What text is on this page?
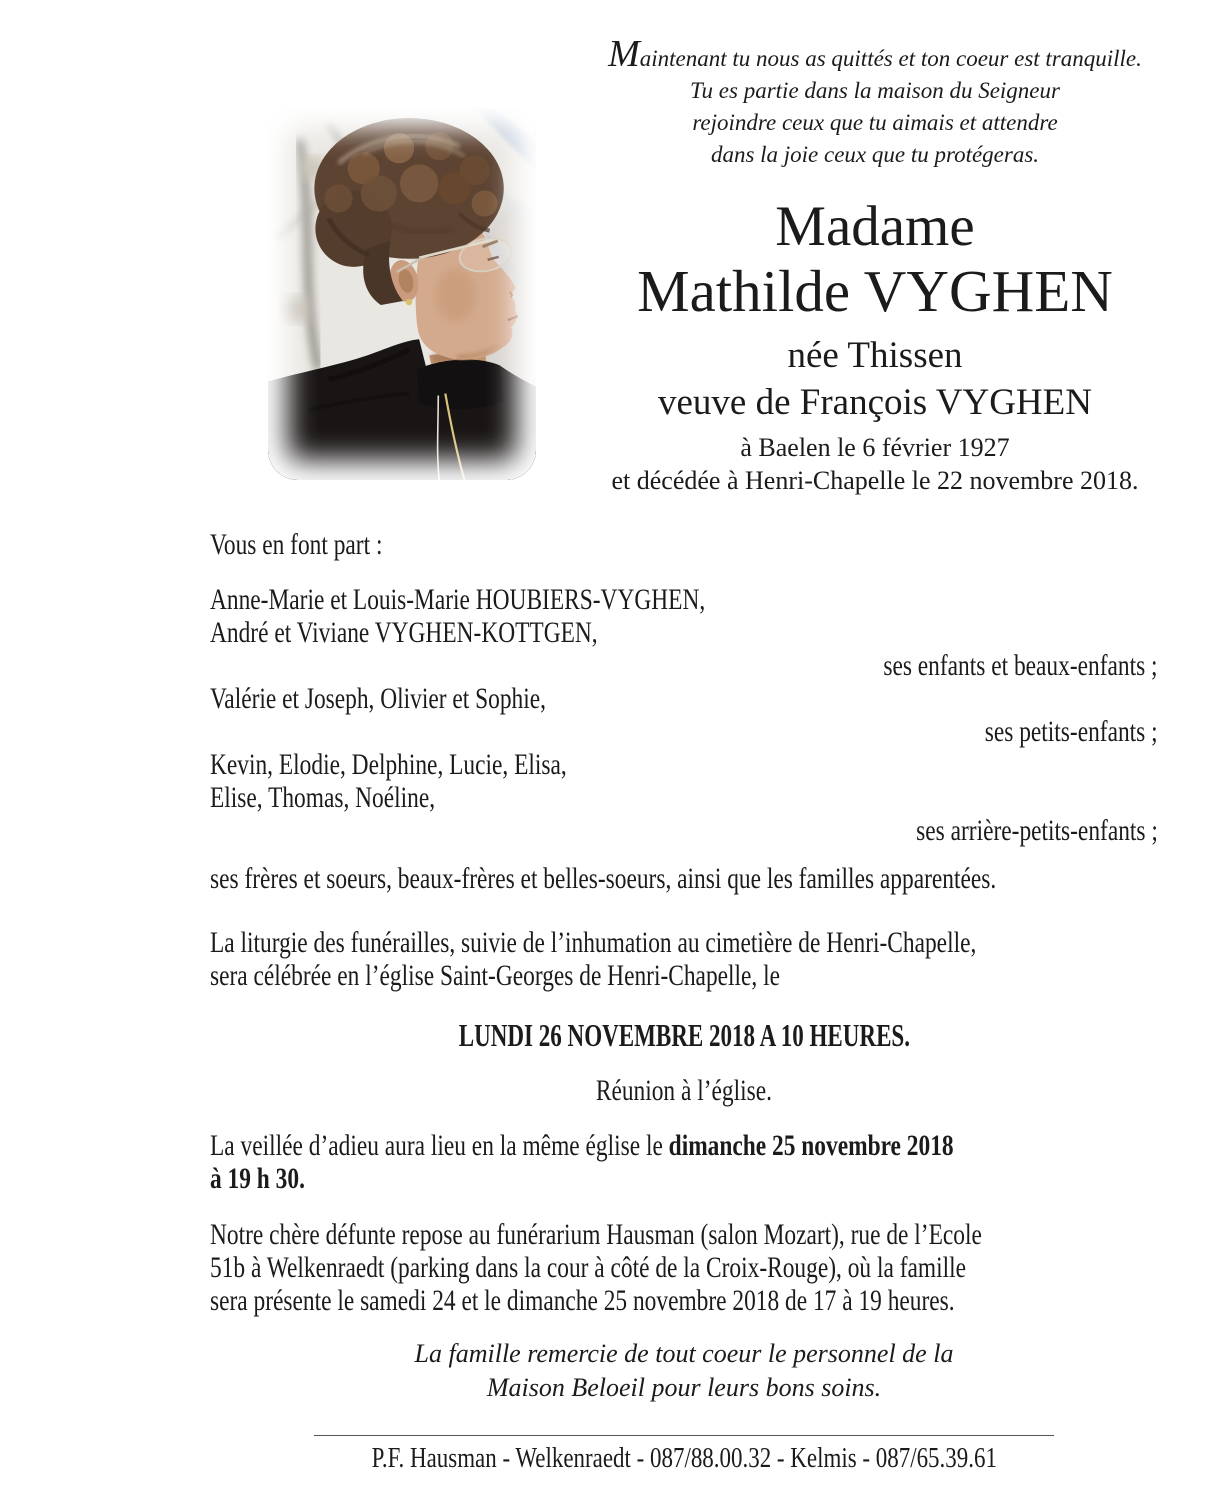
Maintenant tu nous as quittés et ton coeur est tranquille.
Tu es partie dans la maison du Seigneur
rejoindre ceux que tu aimais et attendre
dans la joie ceux que tu protégeras.
Madame
Mathilde VYGHEN
née Thissen
veuve de François VYGHEN
à Baelen le 6 février 1927
et décédée à Henri-Chapelle le 22 novembre 2018.
Vous en font part :
Anne-Marie et Louis-Marie HOUBIERS-VYGHEN,
André et Viviane VYGHEN-KOTTGEN,
ses enfants et beaux-enfants ;
Valérie et Joseph, Olivier et Sophie,
ses petits-enfants ;
Kevin, Elodie, Delphine, Lucie, Elisa,
Elise, Thomas, Noéline,
ses arrière-petits-enfants ;
ses frères et soeurs, beaux-frères et belles-soeurs, ainsi que les familles apparentées.
La liturgie des funérailles, suivie de l’inhumation au cimetière de Henri-Chapelle,
sera célébrée en l’église Saint-Georges de Henri-Chapelle, le
LUNDI 26 NOVEMBRE 2018 A 10 HEURES.
Réunion à l’église.
La veillée d’adieu aura lieu en la même église le dimanche 25 novembre 2018
à 19 h 30.
Notre chère défunte repose au funérarium Hausman (salon Mozart), rue de l’Ecole
51b à Welkenraedt (parking dans la cour à côté de la Croix-Rouge), où la famille
sera présente le samedi 24 et le dimanche 25 novembre 2018 de 17 à 19 heures.
La famille remercie de tout coeur le personnel de la
Maison Beloeil pour leurs bons soins.
P.F. Hausman - Welkenraedt - 087/88.00.32 - Kelmis - 087/65.39.61
